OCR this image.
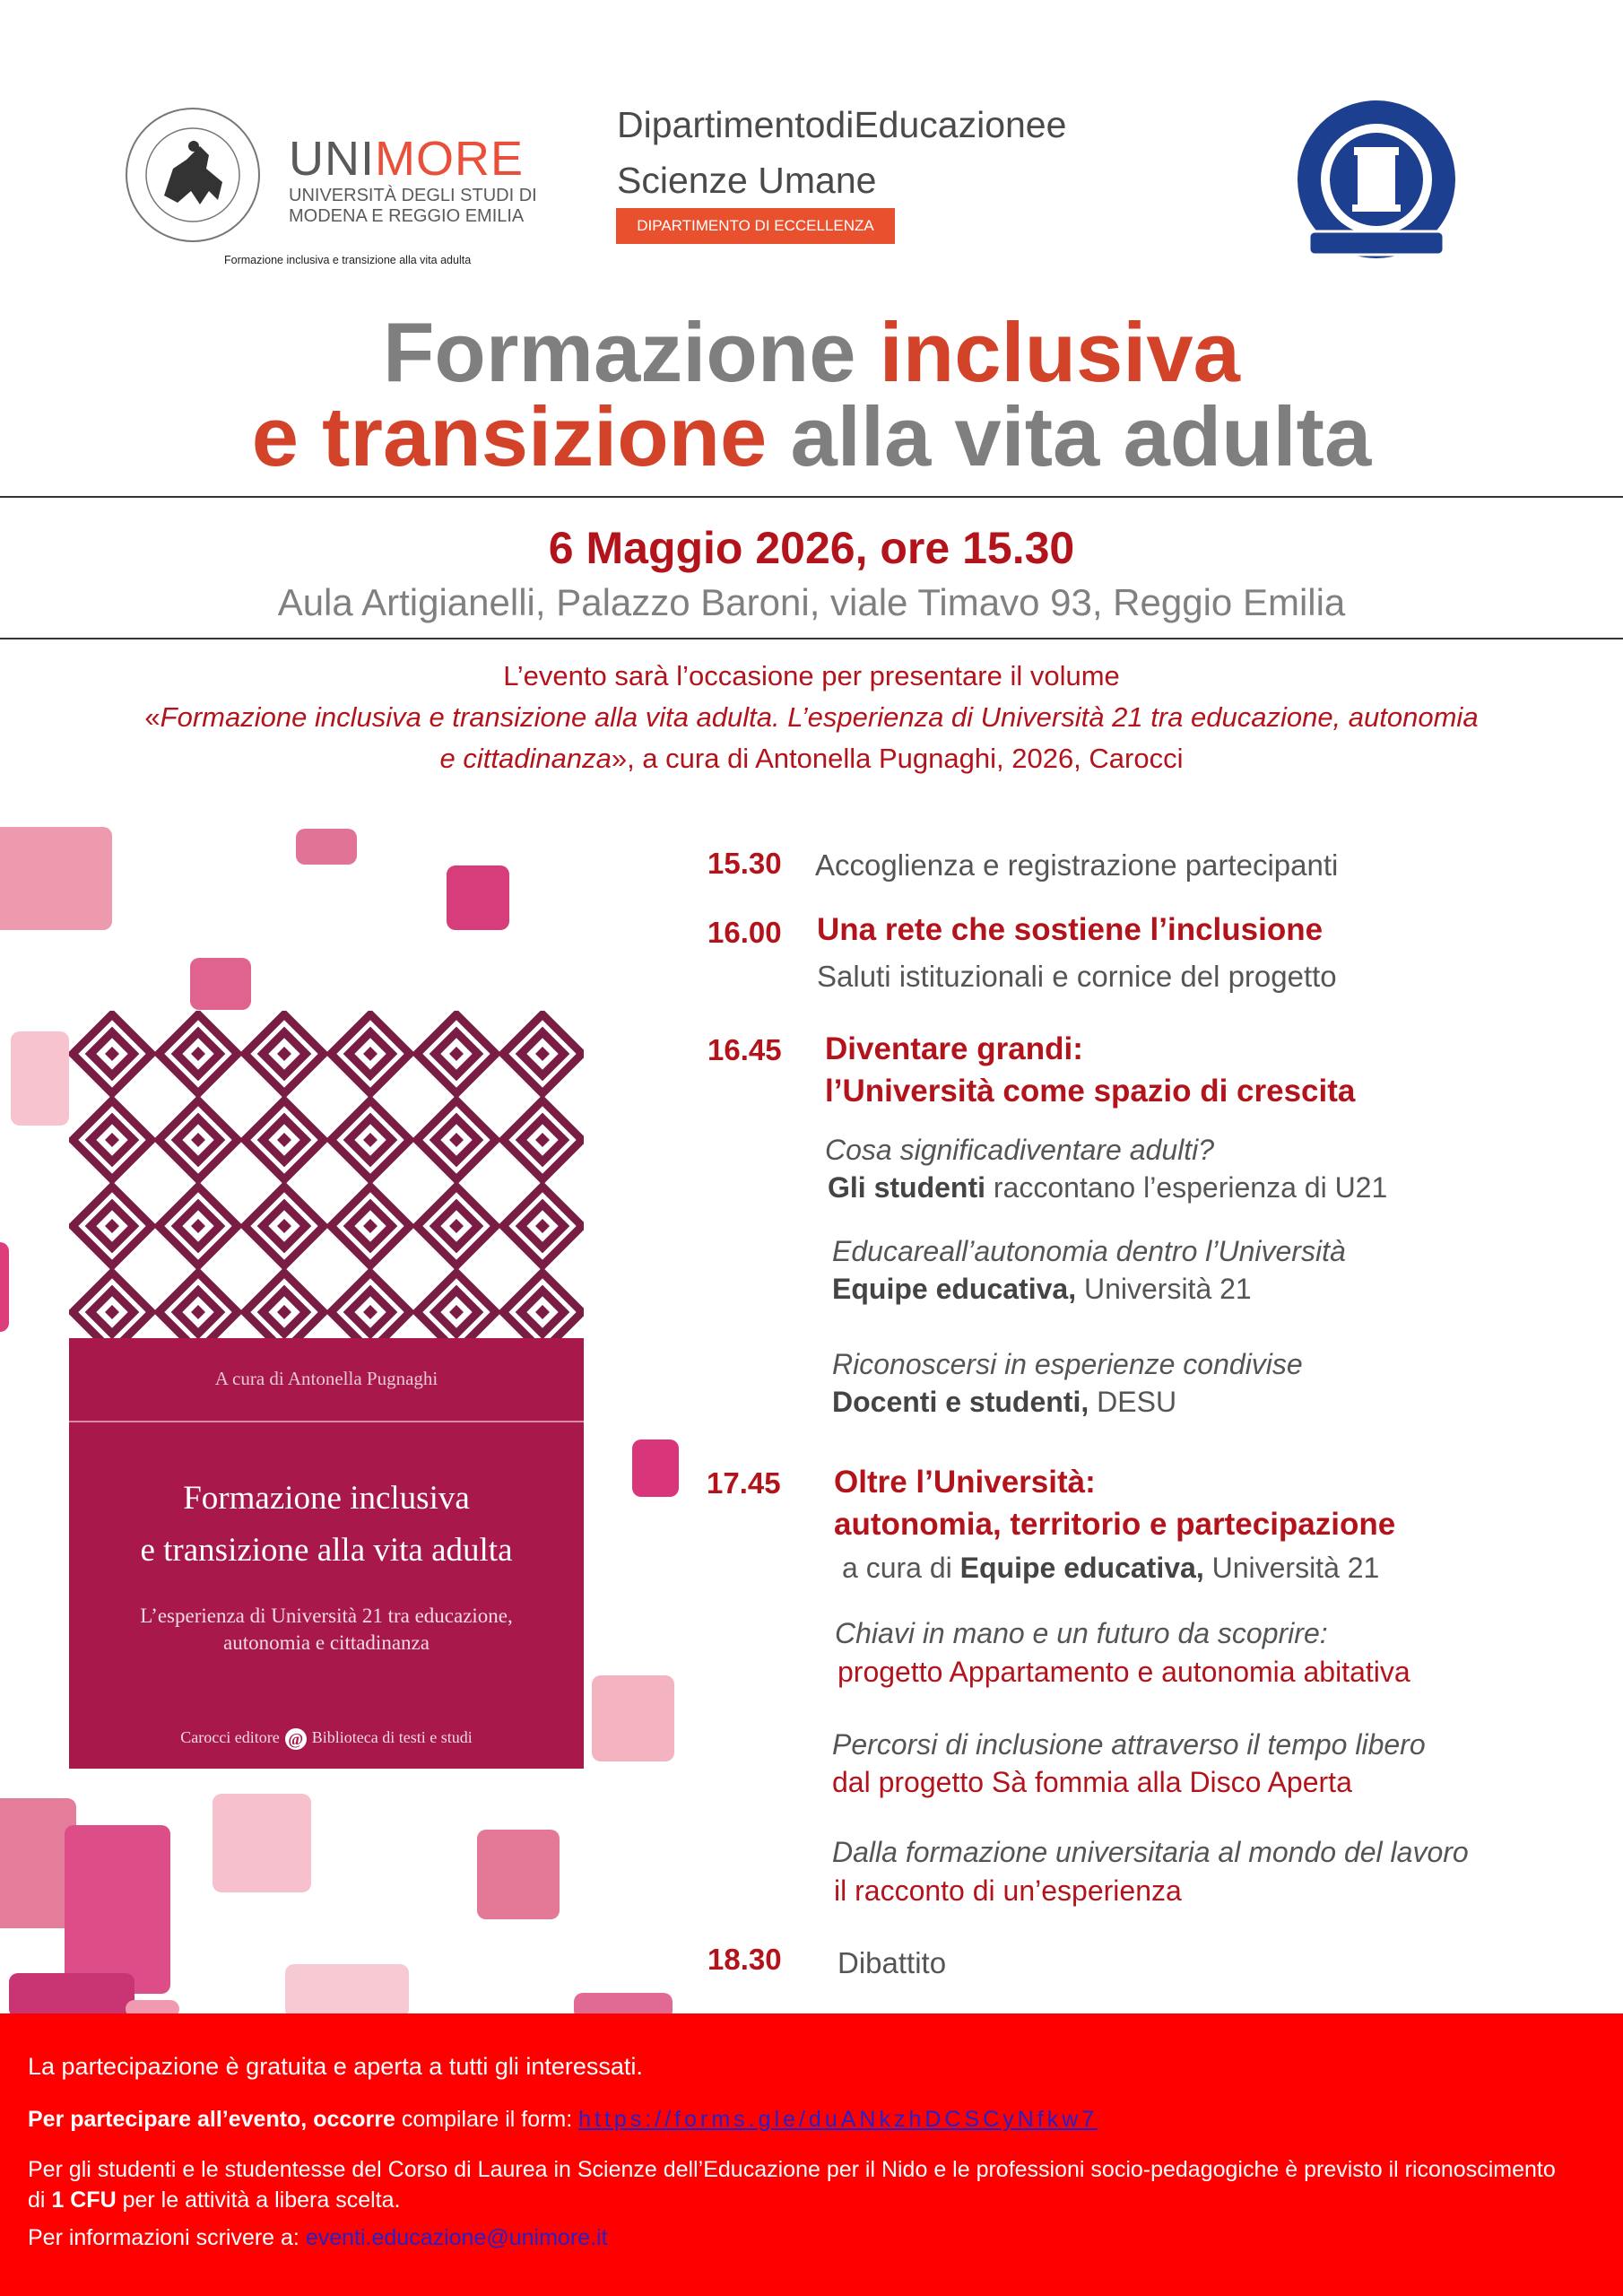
UNIMORE
UNIVERSITÀ DEGLI STUDI DI
MODENA E REGGIO EMILIA
Formazione inclusiva e transizione alla vita adulta
DipartimentodiEducazionee
Scienze Umane
DIPARTIMENTO DI ECCELLENZA
Formazione inclusiva
e transizione alla vita adulta
6 Maggio 2026, ore 15.30
Aula Artigianelli, Palazzo Baroni, viale Timavo 93, Reggio Emilia
L’evento sarà l’occasione per presentare il volume
«Formazione inclusiva e transizione alla vita adulta. L’esperienza di Università 21 tra educazione, autonomia
e cittadinanza», a cura di Antonella Pugnaghi, 2026, Carocci
A cura di Antonella Pugnaghi
Formazione inclusiva
e transizione alla vita adulta
L’esperienza di Università 21 tra educazione,
autonomia e cittadinanza
Carocci editore @ Biblioteca di testi e studi
15.30 Accoglienza e registrazione partecipanti
16.00 Una rete che sostiene l’inclusione
Saluti istituzionali e cornice del progetto
16.45 Diventare grandi:
l’Università come spazio di crescita
Cosa significadiventare adulti?
Gli studenti raccontano l’esperienza di U21
Educareall’autonomia dentro l’Università
Equipe educativa, Università 21
Riconoscersi in esperienze condivise
Docenti e studenti, DESU
17.45 Oltre l’Università:
autonomia, territorio e partecipazione
a cura di Equipe educativa, Università 21
Chiavi in mano e un futuro da scoprire:
progetto Appartamento e autonomia abitativa
Percorsi di inclusione attraverso il tempo libero
dal progetto Sà fommia alla Disco Aperta
Dalla formazione universitaria al mondo del lavoro
il racconto di un’esperienza
18.30 Dibattito
La partecipazione è gratuita e aperta a tutti gli interessati.
Per partecipare all’evento, occorre compilare il form: https://forms.gle/duANkzhDCSCyNfkw7
Per gli studenti e le studentesse del Corso di Laurea in Scienze dell’Educazione per il Nido e le professioni socio-pedagogiche è previsto il riconoscimento di 1 CFU per le attività a libera scelta.
Per informazioni scrivere a: eventi.educazione@unimore.it
